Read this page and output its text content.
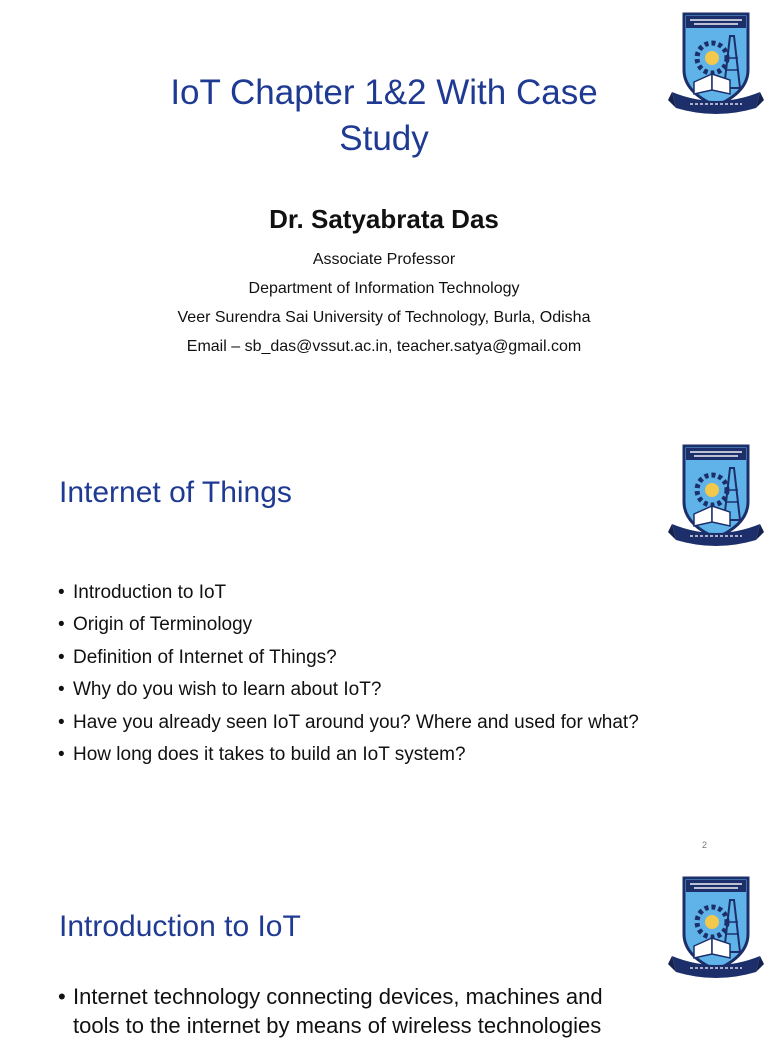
IoT Chapter 1&2 With Case
Study
Dr. Satyabrata Das
Associate Professor
Department of Information Technology
Veer Surendra Sai University of Technology, Burla, Odisha
Email – sb_das@vssut.ac.in, teacher.satya@gmail.com
Internet of Things
• Introduction to IoT
• Origin of Terminology
• Definition of Internet of Things?
• Why do you wish to learn about IoT?
• Have you already seen IoT around you? Where and used for what?
• How long does it takes to build an IoT system?
2
Introduction to IoT
• Internet technology connecting devices, machines and
tools to the internet by means of wireless technologies
